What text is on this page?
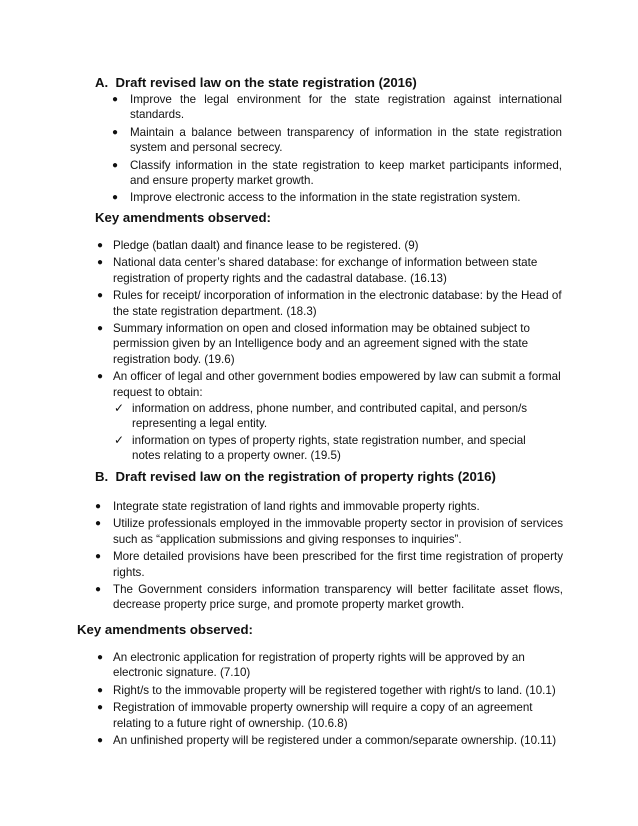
A. Draft revised law on the state registration (2016)
●	Improve the legal environment for the state registration against international standards.
●	Maintain a balance between transparency of information in the state registration system and personal secrecy.
●	Classify information in the state registration to keep market participants informed, and ensure property market growth.
●	Improve electronic access to the information in the state registration system.
Key amendments observed:
● Pledge (batlan daalt) and finance lease to be registered. (9)
● National data center’s shared database: for exchange of information between state registration of property rights and the cadastral database. (16.13)
● Rules for receipt/ incorporation of information in the electronic database: by the Head of the state registration department. (18.3)
● Summary information on open and closed information may be obtained subject to permission given by an Intelligence body and an agreement signed with the state registration body. (19.6)
● An officer of legal and other government bodies empowered by law can submit a formal request to obtain:
✓ information on address, phone number, and contributed capital, and person/s representing a legal entity.
✓ information on types of property rights, state registration number, and special notes relating to a property owner. (19.5)
B. Draft revised law on the registration of property rights (2016)
●	Integrate state registration of land rights and immovable property rights.
●	Utilize professionals employed in the immovable property sector in provision of services such as “application submissions and giving responses to inquiries”.
●	More detailed provisions have been prescribed for the first time registration of property rights.
●	The Government considers information transparency will better facilitate asset flows, decrease property price surge, and promote property market growth.
Key amendments observed:
● An electronic application for registration of property rights will be approved by an electronic signature. (7.10)
● Right/s to the immovable property will be registered together with right/s to land. (10.1)
● Registration of immovable property ownership will require a copy of an agreement relating to a future right of ownership. (10.6.8)
● An unfinished property will be registered under a common/separate ownership. (10.11)
